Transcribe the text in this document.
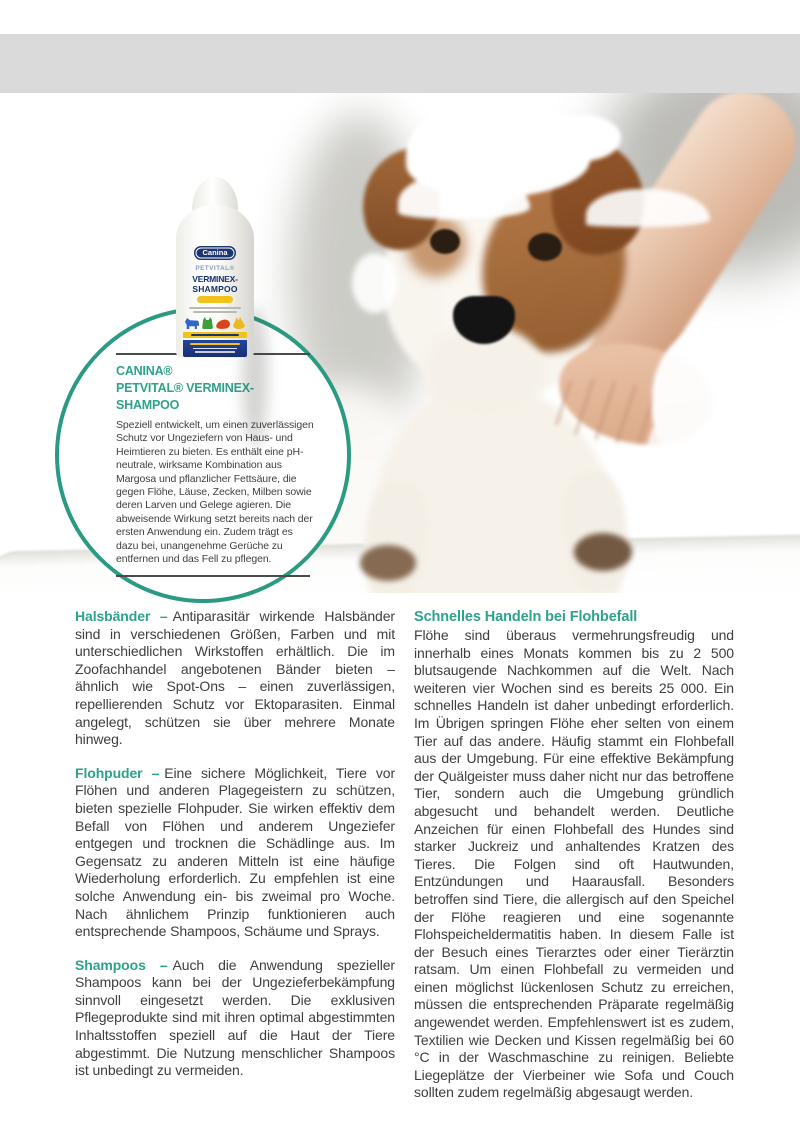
CANINA®
PETVITAL® VERMINEX-SHAMPOO

Speziell entwickelt, um einen zuverlässigen Schutz vor Ungeziefern von Haus- und Heimtieren zu bieten. Es enthält eine pH-neutrale, wirksame Kombination aus Margosa und pflanzlicher Fettsäure, die gegen Flöhe, Läuse, Zecken, Milben sowie deren Larven und Gelege agieren. Die abweisende Wirkung setzt bereits nach der ersten Anwendung ein. Zudem trägt es dazu bei, unangenehme Gerüche zu entfernen und das Fell zu pflegen.

Canina
PETVITAL®
VERMINEX-
SHAMPOO

Halsbänder – Antiparasitär wirkende Halsbänder sind in verschiedenen Größen, Farben und mit unterschiedlichen Wirkstoffen erhältlich. Die im Zoofachhandel angebotenen Bänder bieten – ähnlich wie Spot-Ons – einen zuverlässigen, repellierenden Schutz vor Ektoparasiten. Einmal angelegt, schützen sie über mehrere Monate hinweg.

Flohpuder – Eine sichere Möglichkeit, Tiere vor Flöhen und anderen Plagegeistern zu schützen, bieten spezielle Flohpuder. Sie wirken effektiv dem Befall von Flöhen und anderem Ungeziefer entgegen und trocknen die Schädlinge aus. Im Gegensatz zu anderen Mitteln ist eine häufige Wiederholung erforderlich. Zu empfehlen ist eine solche Anwendung ein- bis zweimal pro Woche. Nach ähnlichem Prinzip funktionieren auch entsprechende Shampoos, Schäume und Sprays.

Shampoos – Auch die Anwendung spezieller Shampoos kann bei der Ungezieferbekämpfung sinnvoll eingesetzt werden. Die exklusiven Pflegeprodukte sind mit ihren optimal abgestimmten Inhaltsstoffen speziell auf die Haut der Tiere abgestimmt. Die Nutzung menschlicher Shampoos ist unbedingt zu vermeiden.

Schnelles Handeln bei Flohbefall

Flöhe sind überaus vermehrungsfreudig und innerhalb eines Monats kommen bis zu 2 500 blutsaugende Nachkommen auf die Welt. Nach weiteren vier Wochen sind es bereits 25 000. Ein schnelles Handeln ist daher unbedingt erforderlich. Im Übrigen springen Flöhe eher selten von einem Tier auf das andere. Häufig stammt ein Flohbefall aus der Umgebung. Für eine effektive Bekämpfung der Quälgeister muss daher nicht nur das betroffene Tier, sondern auch die Umgebung gründlich abgesucht und behandelt werden. Deutliche Anzeichen für einen Flohbefall des Hundes sind starker Juckreiz und anhaltendes Kratzen des Tieres. Die Folgen sind oft Hautwunden, Entzündungen und Haarausfall. Besonders betroffen sind Tiere, die allergisch auf den Speichel der Flöhe reagieren und eine sogenannte Flohspeicheldermatitis haben. In diesem Falle ist der Besuch eines Tierarztes oder einer Tierärztin ratsam. Um einen Flohbefall zu vermeiden und einen möglichst lückenlosen Schutz zu erreichen, müssen die entsprechenden Präparate regelmäßig angewendet werden. Empfehlenswert ist es zudem, Textilien wie Decken und Kissen regelmäßig bei 60 °C in der Waschmaschine zu reinigen. Beliebte Liegeplätze der Vierbeiner wie Sofa und Couch sollten zudem regelmäßig abgesaugt werden.
